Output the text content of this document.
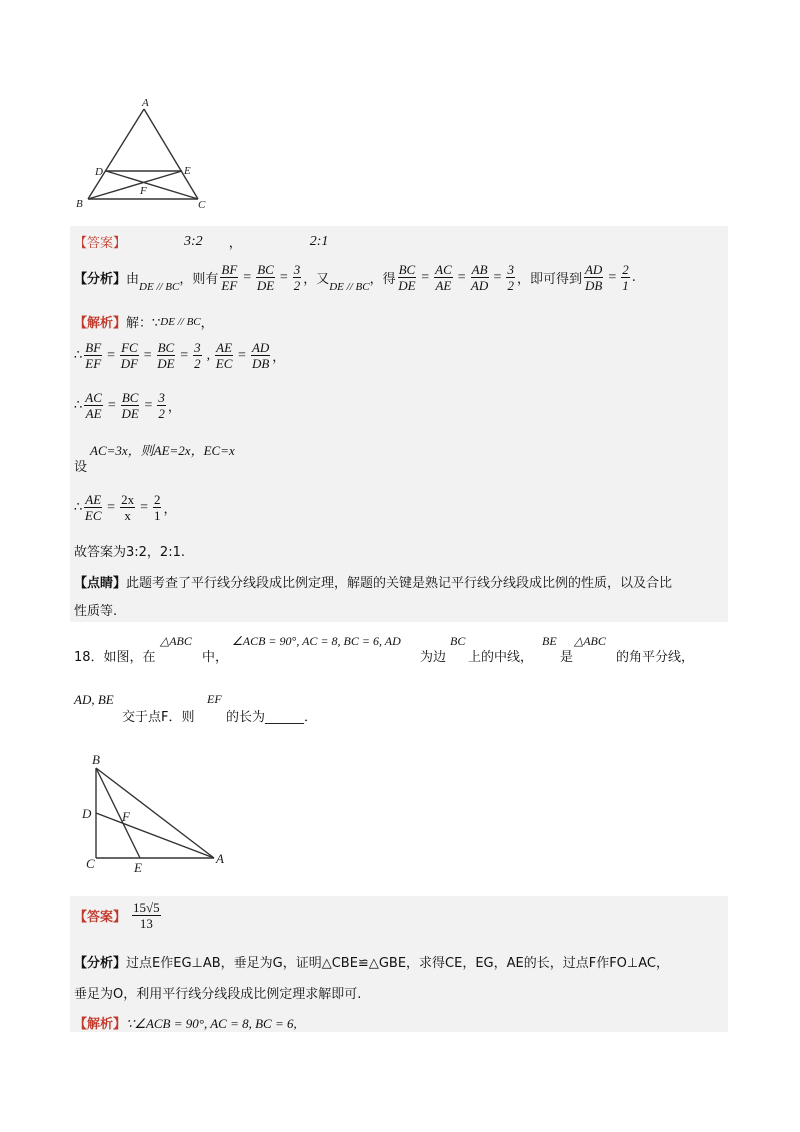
A
D	E
F
B	C
【答案】	3:2 ，	2:1
【分析】 由 DE // BC ，则有 $\frac{BF}{EF} = \frac{BC}{DE} = \frac{3}{2}$ ，又 DE // BC ，得 $\frac{BC}{DE} = \frac{AC}{AE} = \frac{AB}{AD} = \frac{3}{2}$ ，即可得到 $\frac{AD}{DB} = \frac{2}{1}$ .
【解析】 解：∵ DE // BC ，
∴ $\frac{BF}{EF} = \frac{FC}{DF} = \frac{BC}{DE} = \frac{3}{2}$ , $\frac{AE}{EC} = \frac{AD}{DB}$ ，
∴ $\frac{AC}{AE} = \frac{BC}{DE} = \frac{3}{2}$ ，
AC=3x，则AE=2x，EC=x
设
∴ $\frac{AE}{EC} = \frac{2x}{x} = \frac{2}{1}$ ，
故答案为3:2，2:1.
【点睛】此题考查了平行线分线段成比例定理，解题的关键是熟记平行线分线段成比例的性质，以及合比
性质等.
18．如图，在
△ABC
中，
∠ACB = 90°, AC = 8, BC = 6, AD
为边
BC
上的中线，
BE
是
△ABC
的角平分线，
AD, BE
交于点F．则
EF
的长为______．
B
D F
C	E
A
【答案】 $\frac{15√5}{13}$
【分析】过点E作EG⊥AB，垂足为G，证明△CBE≌△GBE，求得CE，EG，AE的长，过点F作FO⊥AC，
垂足为O，利用平行线分线段成比例定理求解即可.
【解析】∵∠ACB = 90°, AC = 8, BC = 6,
